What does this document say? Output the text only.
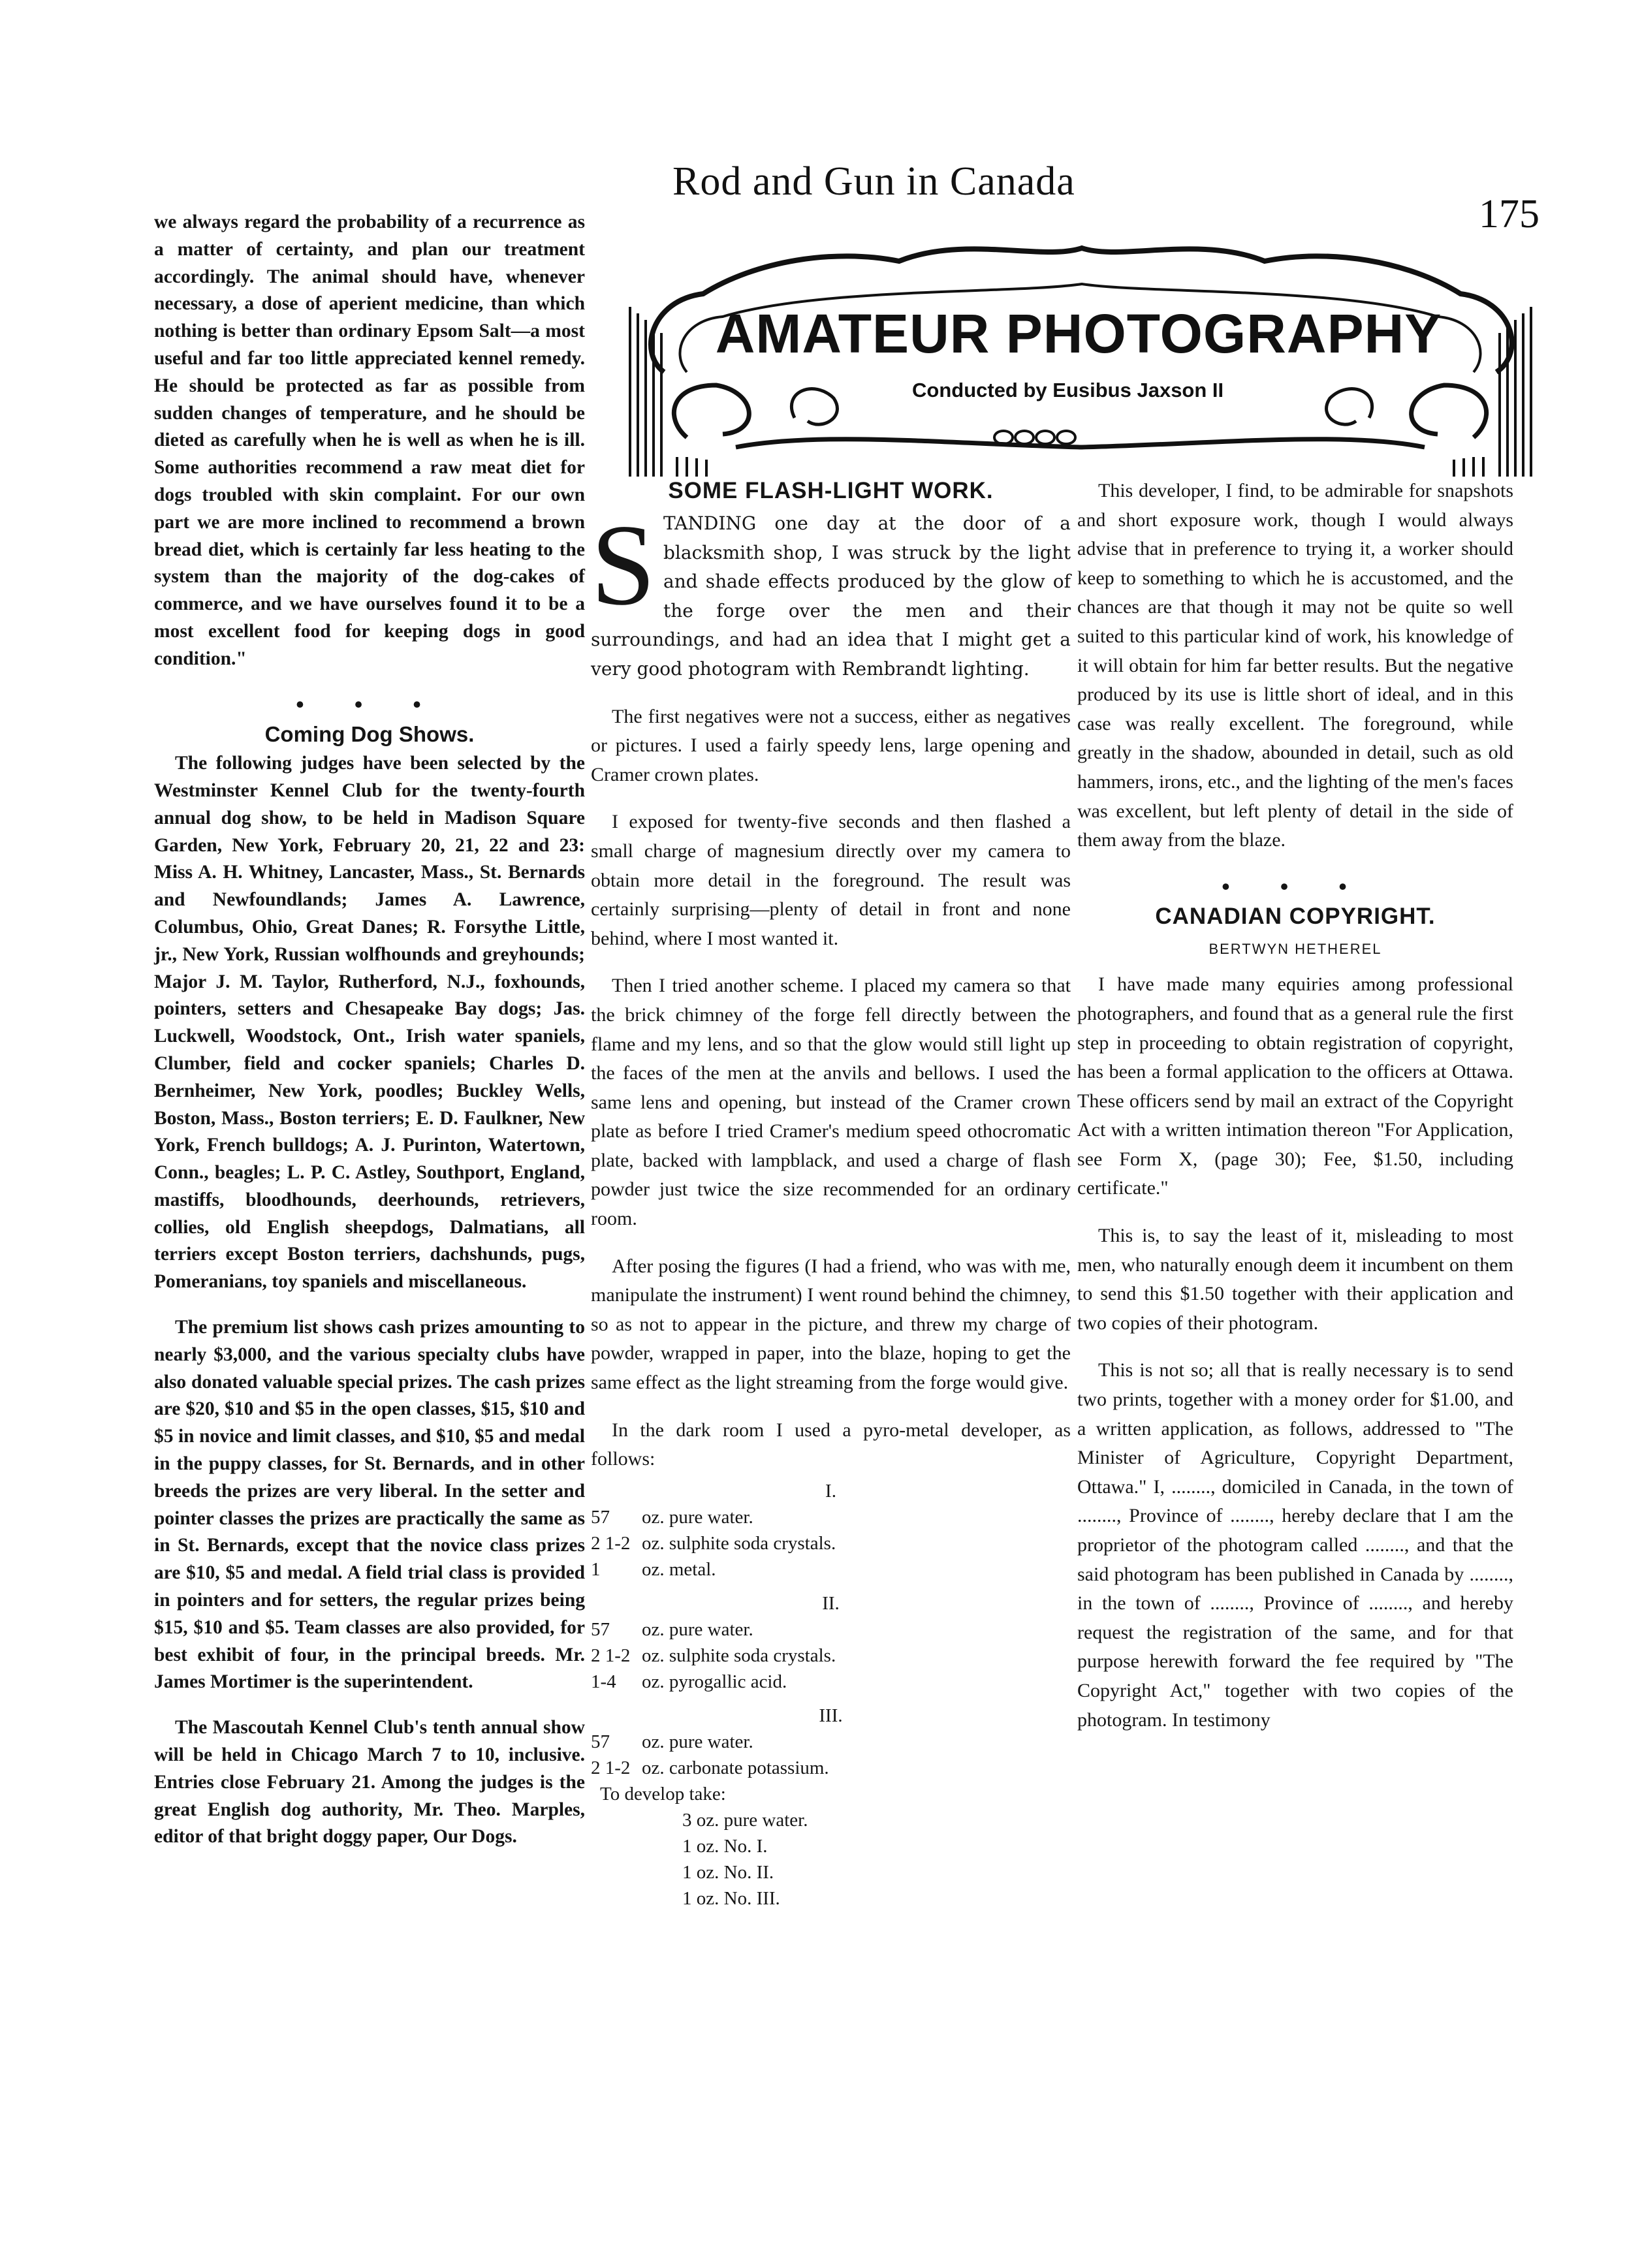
Rod and Gun in Canada
175
AMATEUR PHOTOGRAPHY
Conducted by Eusibus Jaxson II

we always regard the probability of a recurrence as a matter of certainty, and plan our treatment accordingly. The animal should have, whenever necessary, a dose of aperient medicine, than which nothing is better than ordinary Epsom Salt—a most useful and far too little appreciated kennel remedy. He should be protected as far as possible from sudden changes of temperature, and he should be dieted as carefully when he is well as when he is ill. Some authorities recommend a raw meat diet for dogs troubled with skin complaint. For our own part we are more inclined to recommend a brown bread diet, which is certainly far less heating to the system than the majority of the dog-cakes of commerce, and we have ourselves found it to be a most excellent food for keeping dogs in good condition."

• • •
Coming Dog Shows.

The following judges have been selected by the Westminster Kennel Club for the twenty-fourth annual dog show, to be held in Madison Square Garden, New York, February 20, 21, 22 and 23: Miss A. H. Whitney, Lancaster, Mass., St. Bernards and Newfoundlands; James A. Lawrence, Columbus, Ohio, Great Danes; R. Forsythe Little, jr., New York, Russian wolfhounds and greyhounds; Major J. M. Taylor, Rutherford, N.J., foxhounds, pointers, setters and Chesapeake Bay dogs; Jas. Luckwell, Woodstock, Ont., Irish water spaniels, Clumber, field and cocker spaniels; Charles D. Bernheimer, New York, poodles; Buckley Wells, Boston, Mass., Boston terriers; E. D. Faulkner, New York, French bulldogs; A. J. Purinton, Watertown, Conn., beagles; L. P. C. Astley, Southport, England, mastiffs, bloodhounds, deerhounds, retrievers, collies, old English sheepdogs, Dalmatians, all terriers except Boston terriers, dachshunds, pugs, Pomeranians, toy spaniels and miscellaneous.

The premium list shows cash prizes amounting to nearly $3,000, and the various specialty clubs have also donated valuable special prizes. The cash prizes are $20, $10 and $5 in the open classes, $15, $10 and $5 in novice and limit classes, and $10, $5 and medal in the puppy classes, for St. Bernards, and in other breeds the prizes are very liberal. In the setter and pointer classes the prizes are practically the same as in St. Bernards, except that the novice class prizes are $10, $5 and medal. A field trial class is provided in pointers and for setters, the regular prizes being $15, $10 and $5. Team classes are also provided, for best exhibit of four, in the principal breeds. Mr. James Mortimer is the superintendent.

The Mascoutah Kennel Club's tenth annual show will be held in Chicago March 7 to 10, inclusive. Entries close February 21. Among the judges is the great English dog authority, Mr. Theo. Marples, editor of that bright doggy paper, Our Dogs.

SOME FLASH-LIGHT WORK.

STANDING one day at the door of a blacksmith shop, I was struck by the light and shade effects produced by the glow of the forge over the men and their surroundings, and had an idea that I might get a very good photogram with Rembrandt lighting.

The first negatives were not a success, either as negatives or pictures. I used a fairly speedy lens, large opening and Cramer crown plates.

I exposed for twenty-five seconds and then flashed a small charge of magnesium directly over my camera to obtain more detail in the foreground. The result was certainly surprising—plenty of detail in front and none behind, where I most wanted it.

Then I tried another scheme. I placed my camera so that the brick chimney of the forge fell directly between the flame and my lens, and so that the glow would still light up the faces of the men at the anvils and bellows. I used the same lens and opening, but instead of the Cramer crown plate as before I tried Cramer's medium speed othocromatic plate, backed with lampblack, and used a charge of flash powder just twice the size recommended for an ordinary room.

After posing the figures (I had a friend, who was with me, manipulate the instrument) I went round behind the chimney, so as not to appear in the picture, and threw my charge of powder, wrapped in paper, into the blaze, hoping to get the same effect as the light streaming from the forge would give.

In the dark room I used a pyro-metal developer, as follows:

I.
57	oz. pure water.
2 1-2 oz. sulphite soda crystals.
1	oz. metal.
II.
57	oz. pure water.
2 1-2 oz. sulphite soda crystals.
1-4	oz. pyrogallic acid.
III.
57	oz. pure water.
2 1-2 oz. carbonate potassium.
To develop take:
3 oz. pure water.
1 oz. No. I.
1 oz. No. II.
1 oz. No. III.

This developer, I find, to be admirable for snapshots and short exposure work, though I would always advise that in preference to trying it, a worker should keep to something to which he is accustomed, and the chances are that though it may not be quite so well suited to this particular kind of work, his knowledge of it will obtain for him far better results. But the negative produced by its use is little short of ideal, and in this case was really excellent. The foreground, while greatly in the shadow, abounded in detail, such as old hammers, irons, etc., and the lighting of the men's faces was excellent, but left plenty of detail in the side of them away from the blaze.

• • •
CANADIAN COPYRIGHT.
BERTWYN HETHEREL

I have made many equiries among professional photographers, and found that as a general rule the first step in proceeding to obtain registration of copyright, has been a formal application to the officers at Ottawa. These officers send by mail an extract of the Copyright Act with a written intimation thereon "For Application, see Form X, (page 30); Fee, $1.50, including certificate."

This is, to say the least of it, misleading to most men, who naturally enough deem it incumbent on them to send this $1.50 together with their application and two copies of their photogram.

This is not so; all that is really necessary is to send two prints, together with a money order for $1.00, and a written application, as follows, addressed to "The Minister of Agriculture, Copyright Department, Ottawa." I, ........, domiciled in Canada, in the town of ........, Province of ........, hereby declare that I am the proprietor of the photogram called ........, and that the said photogram has been published in Canada by ........, in the town of ........, Province of ........, and hereby request the registration of the same, and for that purpose herewith forward the fee required by "The Copyright Act," together with two copies of the photogram. In testimony
